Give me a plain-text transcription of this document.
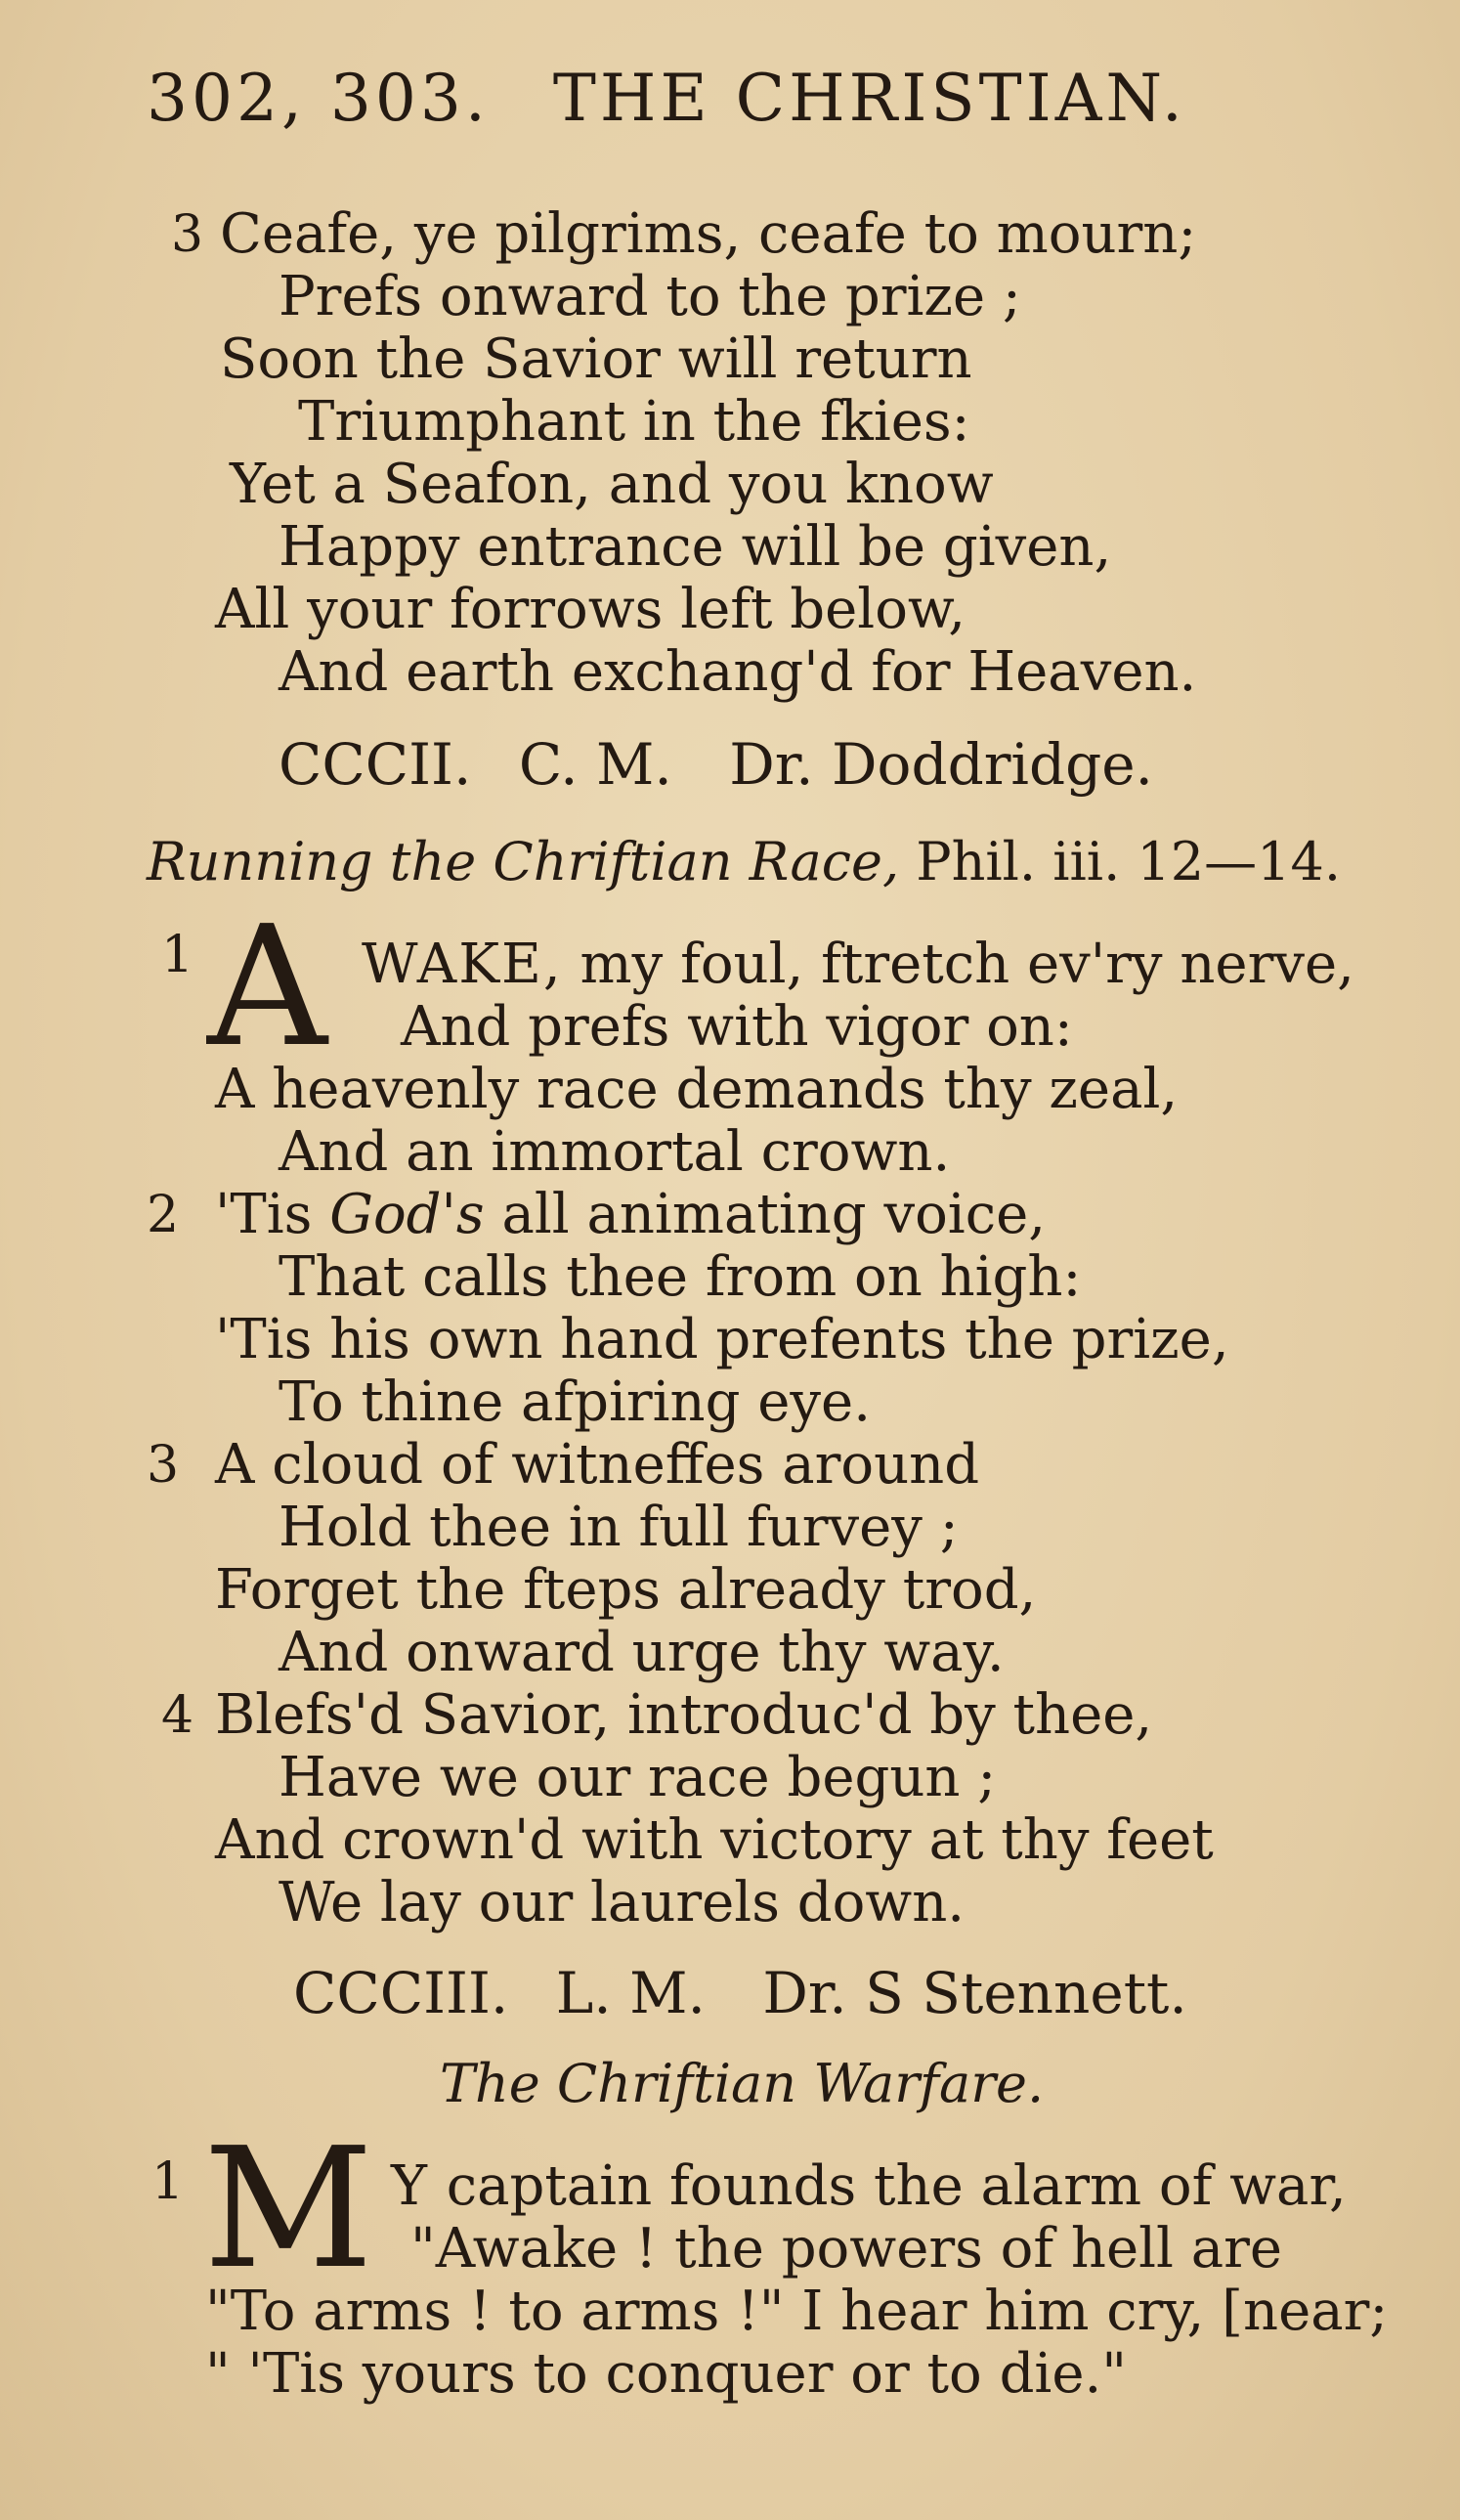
302, 303. THE CHRISTIAN.
3 Ceafe, ye pilgrims, ceafe to mourn;
Prefs onward to the prize ;
Soon the Savior will return
Triumphant in the fkies:
Yet a Seafon, and you know
Happy entrance will be given,
All your forrows left below,
And earth exchang'd for Heaven.
CCCII. C. M. Dr. Doddridge.
Running the Chriftian Race, Phil. iii. 12—14.
1 A WAKE, my foul, ftretch ev'ry nerve,
And prefs with vigor on:
A heavenly race demands thy zeal,
And an immortal crown.
2 'Tis God's all animating voice,
That calls thee from on high:
'Tis his own hand prefents the prize,
To thine afpiring eye.
3 A cloud of witneffes around
Hold thee in full furvey ;
Forget the fteps already trod,
And onward urge thy way.
4 Blefs'd Savior, introduc'd by thee,
Have we our race begun ;
And crown'd with victory at thy feet
We lay our laurels down.
CCCIII. L. M. Dr. S Stennett.
The Chriftian Warfare.
1 M Y captain founds the alarm of war,
"Awake ! the powers of hell are
"To arms ! to arms !" I hear him cry, [near;
" 'Tis yours to conquer or to die."
